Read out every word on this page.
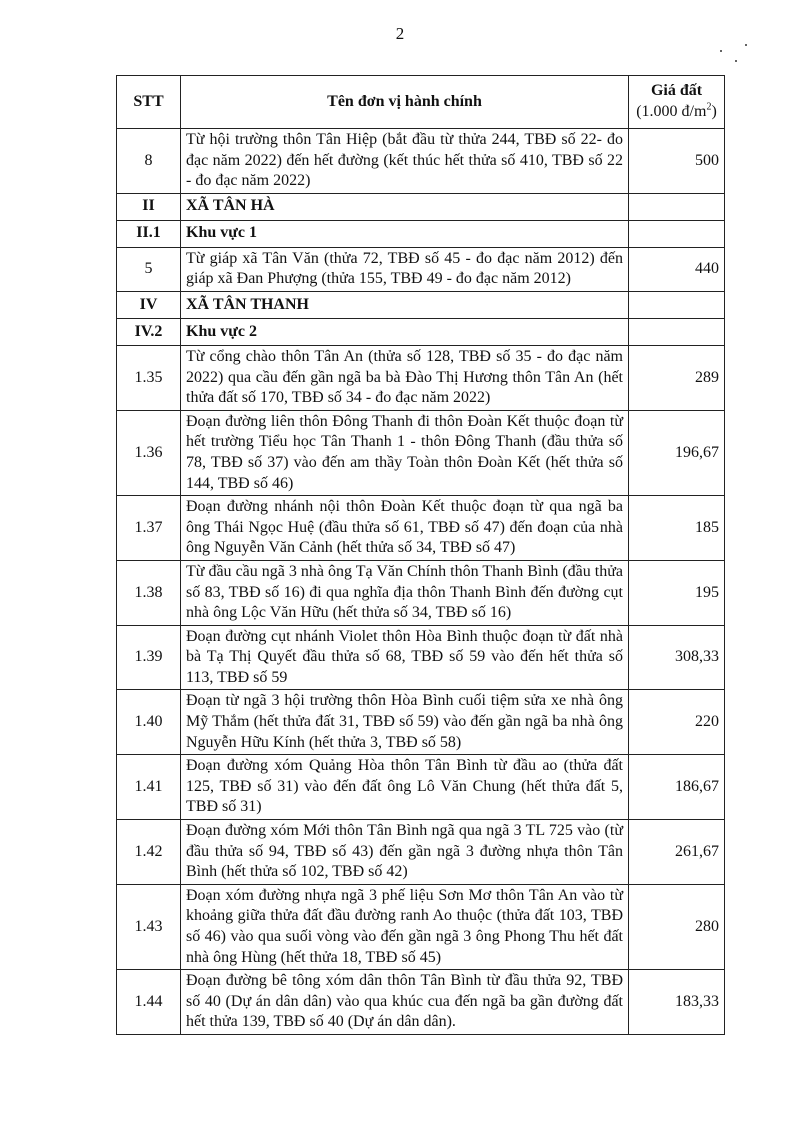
2
STT	Tên đơn vị hành chính	Giá đất
(1.000 $đ/m^2$)
8	Từ hội trường thôn Tân Hiệp (bắt đầu từ thửa 244, TBĐ số 22- đo đạc năm 2022) đến hết đường (kết thúc hết thửa số 410, TBĐ số 22 - đo đạc năm 2022)	500
II	XÃ TÂN HÀ	
II.1	Khu vực 1	
5	Từ giáp xã Tân Văn (thửa 72, TBĐ số 45 - đo đạc năm 2012) đến giáp xã Đan Phượng (thửa 155, TBĐ 49 - đo đạc năm 2012)	440
IV	XÃ TÂN THANH	
IV.2	Khu vực 2	
1.35	Từ cổng chào thôn Tân An (thửa số 128, TBĐ số 35 - đo đạc năm 2022) qua cầu đến gần ngã ba bà Đào Thị Hương thôn Tân An (hết thửa đất số 170, TBĐ số 34 - đo đạc năm 2022)	289
1.36	Đoạn đường liên thôn Đông Thanh đi thôn Đoàn Kết thuộc đoạn từ hết trường Tiểu học Tân Thanh 1 - thôn Đông Thanh (đầu thửa số 78, TBĐ số 37) vào đến am thầy Toàn thôn Đoàn Kết (hết thửa số 144, TBĐ số 46)	196,67
1.37	Đoạn đường nhánh nội thôn Đoàn Kết thuộc đoạn từ qua ngã ba ông Thái Ngọc Huệ (đầu thửa số 61, TBĐ số 47) đến đoạn của nhà ông Nguyễn Văn Cảnh (hết thửa số 34, TBĐ số 47)	185
1.38	Từ đầu cầu ngã 3 nhà ông Tạ Văn Chính thôn Thanh Bình (đầu thửa số 83, TBĐ số 16) đi qua nghĩa địa thôn Thanh Bình đến đường cụt nhà ông Lộc Văn Hữu (hết thửa số 34, TBĐ số 16)	195
1.39	Đoạn đường cụt nhánh Violet thôn Hòa Bình thuộc đoạn từ đất nhà bà Tạ Thị Quyết đầu thửa số 68, TBĐ số 59 vào đến hết thửa số 113, TBĐ số 59	308,33
1.40	Đoạn từ ngã 3 hội trường thôn Hòa Bình cuối tiệm sửa xe nhà ông Mỹ Thắm (hết thửa đất 31, TBĐ số 59) vào đến gần ngã ba nhà ông Nguyễn Hữu Kính (hết thửa 3, TBĐ số 58)	220
1.41	Đoạn đường xóm Quảng Hòa thôn Tân Bình từ đầu ao (thửa đất 125, TBĐ số 31) vào đến đất ông Lô Văn Chung (hết thửa đất 5, TBĐ số 31)	186,67
1.42	Đoạn đường xóm Mới thôn Tân Bình ngã qua ngã 3 TL 725 vào (từ đầu thửa số 94, TBĐ số 43) đến gần ngã 3 đường nhựa thôn Tân Bình (hết thửa số 102, TBĐ số 42)	261,67
1.43	Đoạn xóm đường nhựa ngã 3 phế liệu Sơn Mơ thôn Tân An vào từ khoảng giữa thửa đất đầu đường ranh Ao thuộc (thửa đất 103, TBĐ số 46) vào qua suối vòng vào đến gần ngã 3 ông Phong Thu hết đất nhà ông Hùng (hết thửa 18, TBĐ số 45)	280
1.44	Đoạn đường bê tông xóm dân thôn Tân Bình từ đầu thửa 92, TBĐ số 40 (Dự án dân dân) vào qua khúc cua đến ngã ba gần đường đất hết thửa 139, TBĐ số 40 (Dự án dân dân).	183,33
